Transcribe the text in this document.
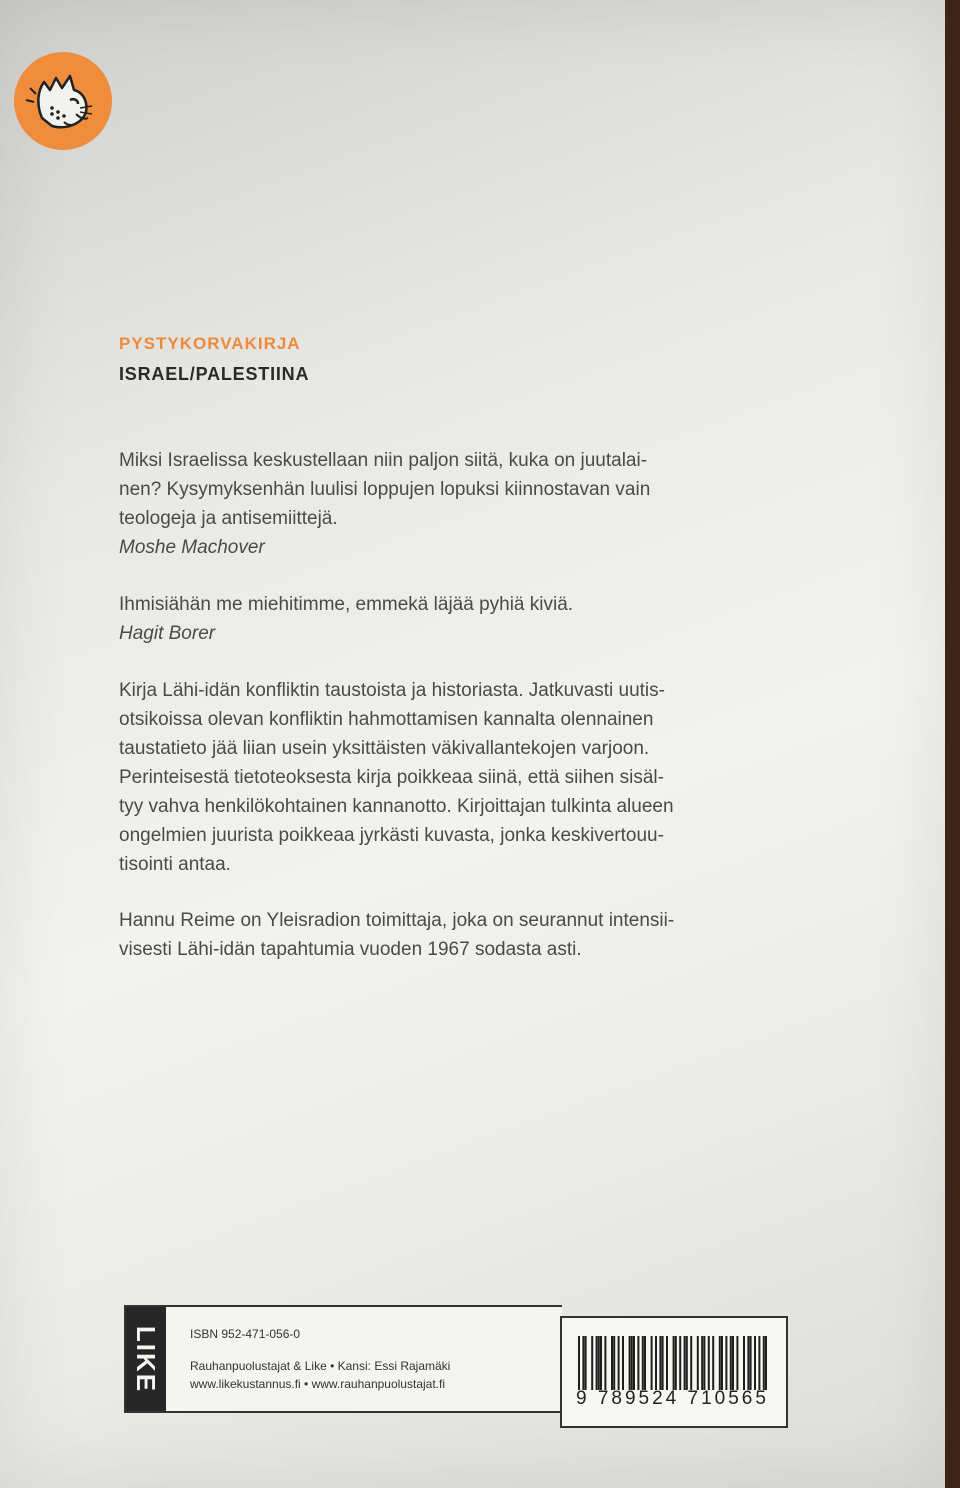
PYSTYKORVAKIRJA
ISRAEL/PALESTIINA

Miksi Israelissa keskustellaan niin paljon siitä, kuka on juutalai-

nen? Kysymyksenhän luulisi loppujen lopuksi kiinnostavan vain

teologeja ja antisemiittejä.

Moshe Machover

Ihmisiähän me miehitimme, emmekä läjää pyhiä kiviä.

Hagit Borer

Kirja Lähi-idän konfliktin taustoista ja historiasta. Jatkuvasti uutis-

otsikoissa olevan konfliktin hahmottamisen kannalta olennainen

taustatieto jää liian usein yksittäisten väkivallantekojen varjoon.

Perinteisestä tietoteoksesta kirja poikkeaa siinä, että siihen sisäl-

tyy vahva henkilökohtainen kannanotto. Kirjoittajan tulkinta alueen

ongelmien juurista poikkeaa jyrkästi kuvasta, jonka keskivertouu-

tisointi antaa.

Hannu Reime on Yleisradion toimittaja, joka on seurannut intensii-

visesti Lähi-idän tapahtumia vuoden 1967 sodasta asti.

LIKE ISBN 952-471-056-0
Rauhanpuolustajat & Like • Kansi: Essi Rajamäki
www.likekustannus.fi • www.rauhanpuolustajat.fi
9 789524 710565
